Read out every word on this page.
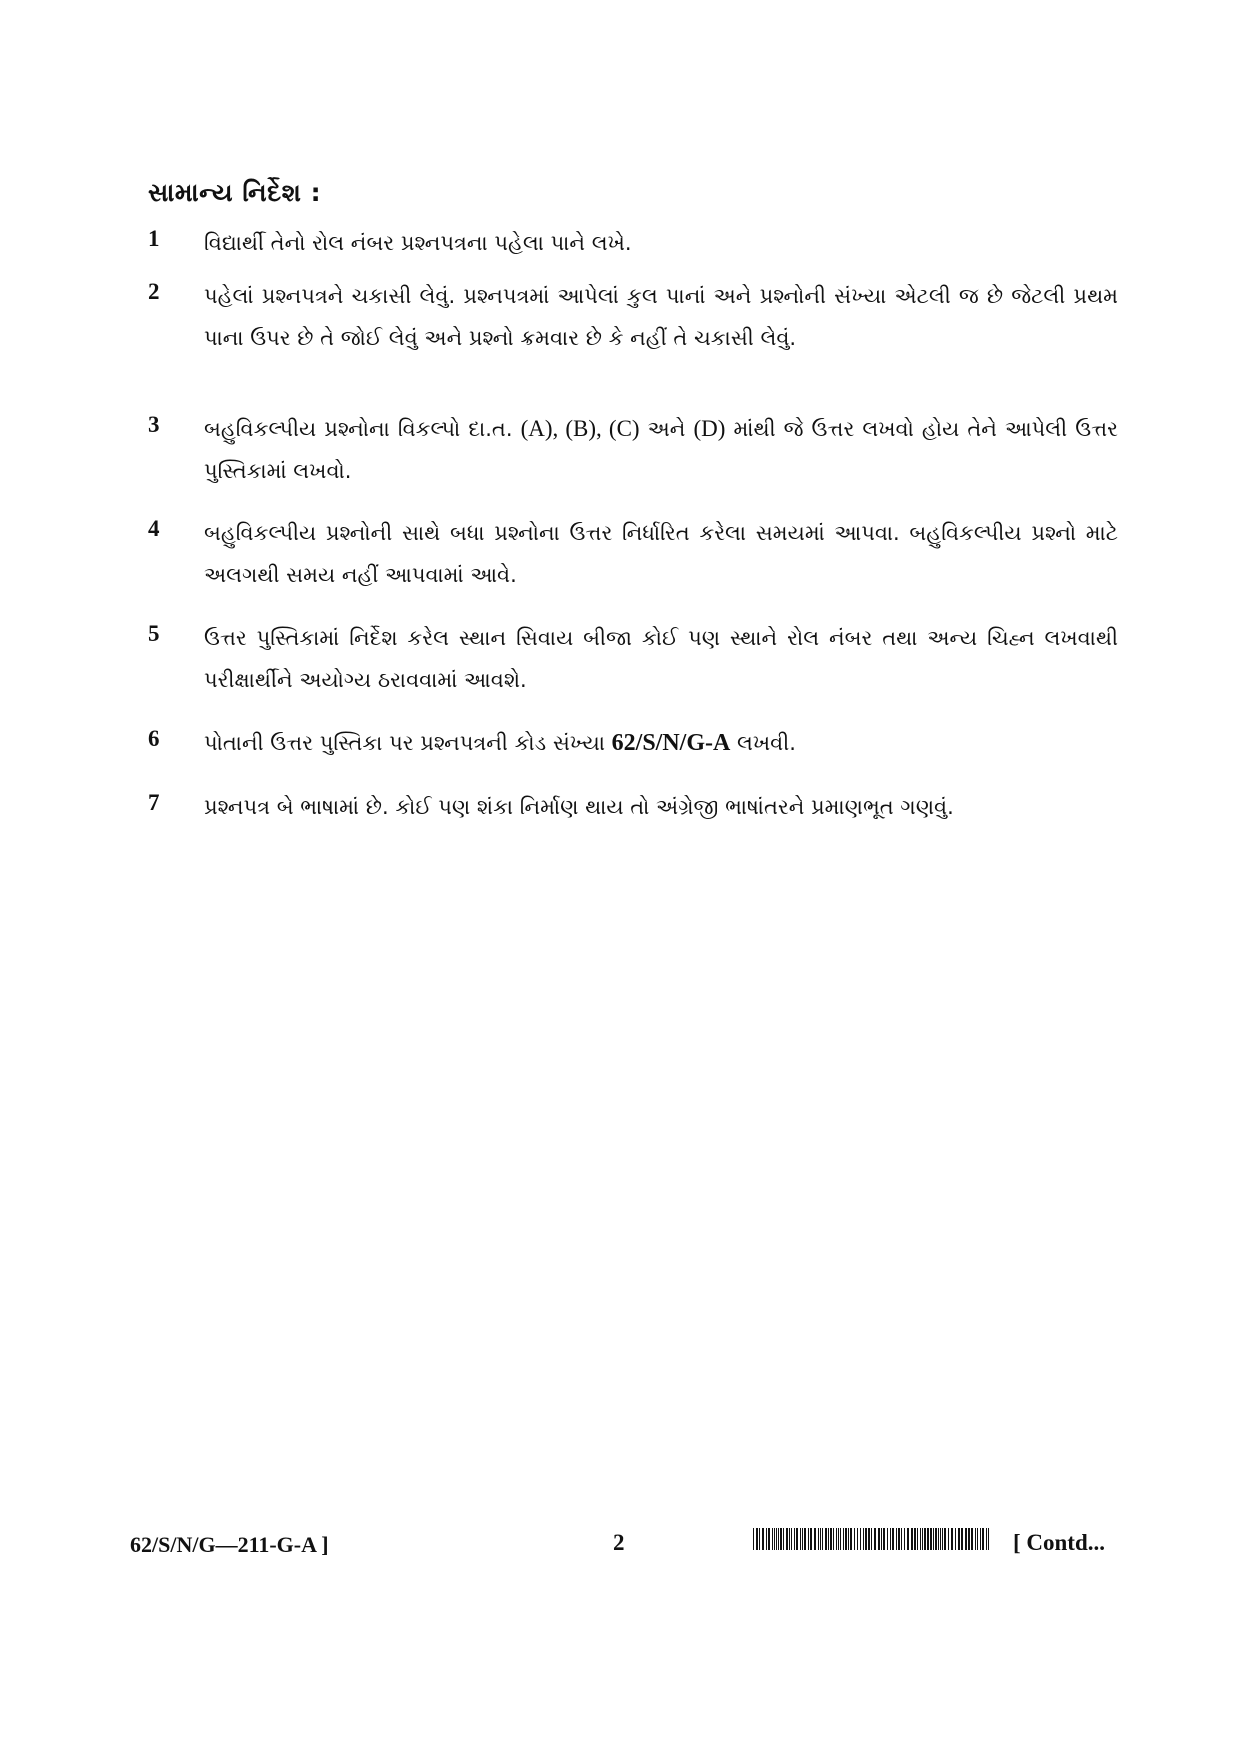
સામાન્ય નિર્દેશ :
1 વિદ્યાર્થી તેનો રોલ નંબર પ્રશ્નપત્રના પહેલા પાને લખે.
2 પહેલાં પ્રશ્નપત્રને ચકાસી લેવું. પ્રશ્નપત્રમાં આપેલાં કુલ પાનાં અને પ્રશ્નોની સંખ્યા એટલી જ છે જેટલી પ્રથમ પાના ઉપર છે તે જોઈ લેવું અને પ્રશ્નો ક્રમવાર છે કે નહીં તે ચકાસી લેવું.
3 બહુવિકલ્પીય પ્રશ્નોના વિકલ્પો દા.ત. (A), (B), (C) અને (D) માંથી જે ઉત્તર લખવો હોય તેને આપેલી ઉત્તર પુસ્તિકામાં લખવો.
4 બહુવિકલ્પીય પ્રશ્નોની સાથે બધા પ્રશ્નોના ઉત્તર નિર્ધારિત કરેલા સમયમાં આપવા. બહુવિકલ્પીય પ્રશ્નો માટે અલગથી સમય નહીં આપવામાં આવે.
5 ઉત્તર પુસ્તિકામાં નિર્દેશ કરેલ સ્થાન સિવાય બીજા કોઈ પણ સ્થાને રોલ નંબર તથા અન્ય ચિહ્ન લખવાથી પરીક્ષાર્થીને અયોગ્ય ઠરાવવામાં આવશે.
6 પોતાની ઉત્તર પુસ્તિકા પર પ્રશ્નપત્રની કોડ સંખ્યા 62/S/N/G-A લખવી.
7 પ્રશ્નપત્ર બે ભાષામાં છે. કોઈ પણ શંકા નિર્માણ થાય તો અંગ્રેજી ભાષાંતરને પ્રમાણભૂત ગણવું.
62/S/N/G—211-G-A ]	2	[ Contd...
